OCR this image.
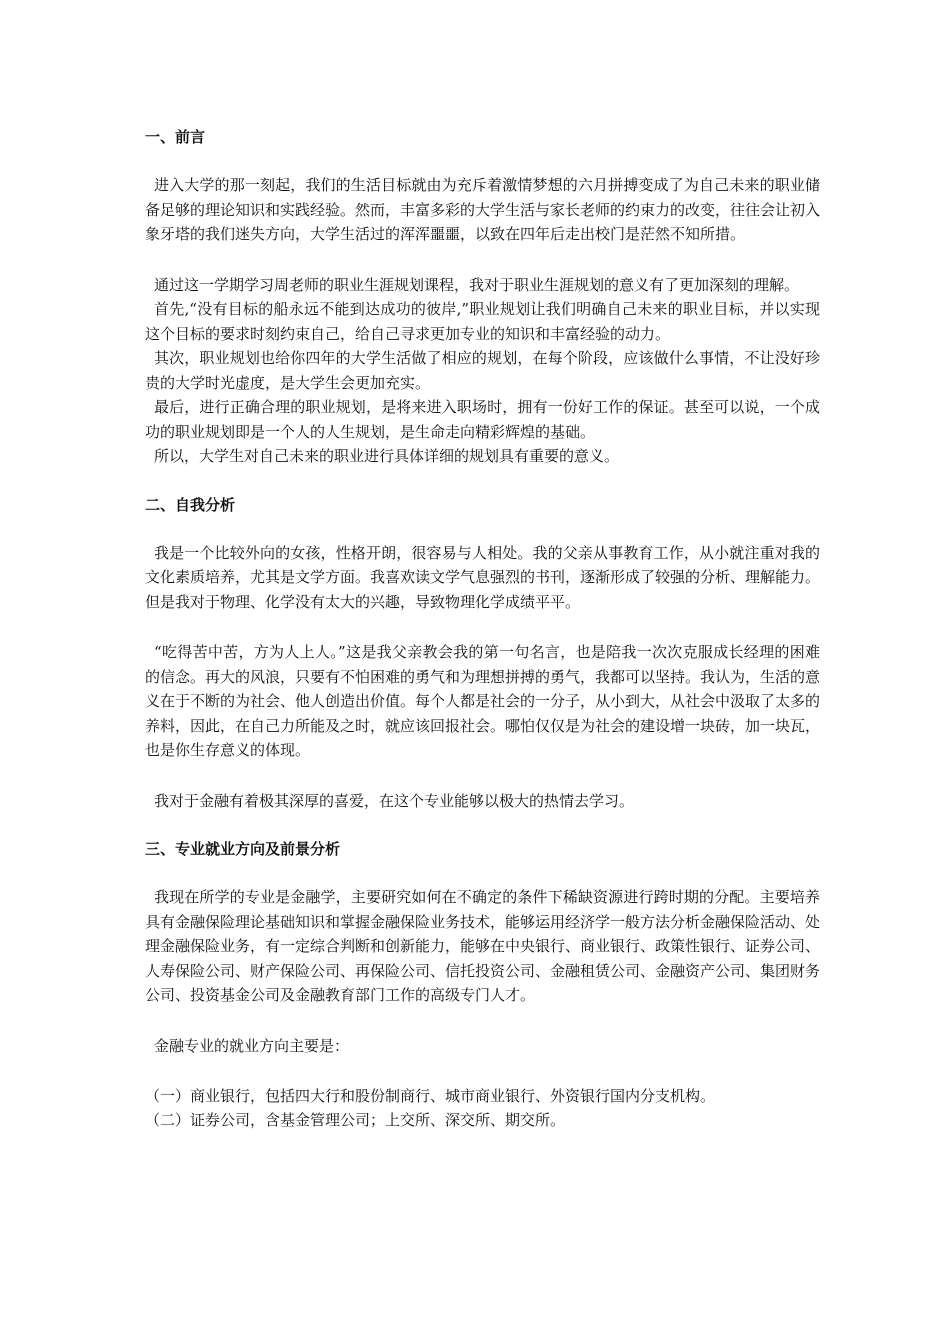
一、前言

进入大学的那一刻起，我们的生活目标就由为充斥着激情梦想的六月拼搏变成了为自己未来的职业储备足够的理论知识和实践经验。然而，丰富多彩的大学生活与家长老师的约束力的改变，往往会让初入象牙塔的我们迷失方向，大学生活过的浑浑噩噩，以致在四年后走出校门是茫然不知所措。

通过这一学期学习周老师的职业生涯规划课程，我对于职业生涯规划的意义有了更加深刻的理解。

首先,“没有目标的船永远不能到达成功的彼岸,”职业规划让我们明确自己未来的职业目标，并以实现这个目标的要求时刻约束自己，给自己寻求更加专业的知识和丰富经验的动力。

其次，职业规划也给你四年的大学生活做了相应的规划，在每个阶段，应该做什么事情，不让没好珍贵的大学时光虚度，是大学生会更加充实。

最后，进行正确合理的职业规划，是将来进入职场时，拥有一份好工作的保证。甚至可以说，一个成功的职业规划即是一个人的人生规划，是生命走向精彩辉煌的基础。

所以，大学生对自己未来的职业进行具体详细的规划具有重要的意义。

二、自我分析

我是一个比较外向的女孩，性格开朗，很容易与人相处。我的父亲从事教育工作，从小就注重对我的文化素质培养，尤其是文学方面。我喜欢读文学气息强烈的书刊，逐渐形成了较强的分析、理解能力。但是我对于物理、化学没有太大的兴趣，导致物理化学成绩平平。

“吃得苦中苦，方为人上人。”这是我父亲教会我的第一句名言，也是陪我一次次克服成长经理的困难的信念。再大的风浪，只要有不怕困难的勇气和为理想拼搏的勇气，我都可以坚持。我认为，生活的意义在于不断的为社会、他人创造出价值。每个人都是社会的一分子，从小到大，从社会中汲取了太多的养料，因此，在自己力所能及之时，就应该回报社会。哪怕仅仅是为社会的建设增一块砖，加一块瓦，也是你生存意义的体现。

我对于金融有着极其深厚的喜爱，在这个专业能够以极大的热情去学习。

三、专业就业方向及前景分析

我现在所学的专业是金融学，主要研究如何在不确定的条件下稀缺资源进行跨时期的分配。主要培养具有金融保险理论基础知识和掌握金融保险业务技术，能够运用经济学一般方法分析金融保险活动、处理金融保险业务，有一定综合判断和创新能力，能够在中央银行、商业银行、政策性银行、证券公司、人寿保险公司、财产保险公司、再保险公司、信托投资公司、金融租赁公司、金融资产公司、集团财务公司、投资基金公司及金融教育部门工作的高级专门人才。

金融专业的就业方向主要是：

（一）商业银行，包括四大行和股份制商行、城市商业银行、外资银行国内分支机构。

（二）证券公司，含基金管理公司；上交所、深交所、期交所。
